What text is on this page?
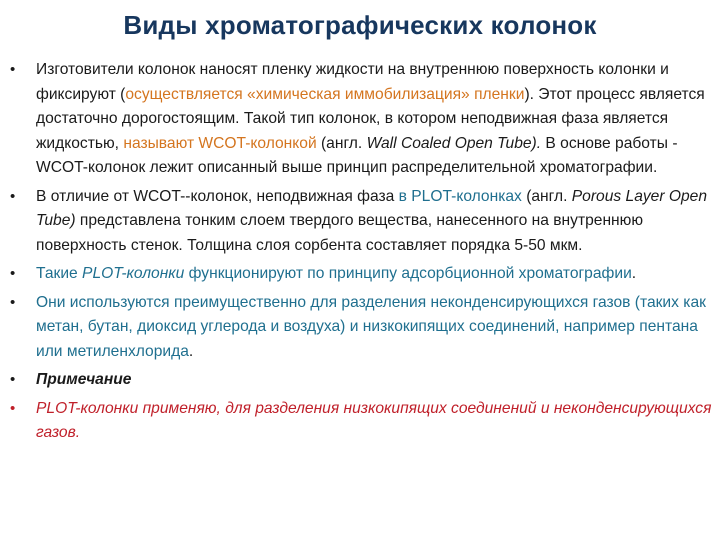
Виды хроматографических колонок
• Изготовители колонок наносят пленку жидкости на внутреннюю поверхность колонки и фиксируют (осуществляется «химическая иммобилизация» пленки). Этот процесс является достаточно дорогостоящим. Такой тип колонок, в котором неподвижная фаза является жидкостью, называют WCOT-колонкой (англ. Wall Coaled Open Tube). В основе работы - WCOT-колонок лежит описанный выше принцип распределительной хроматографии.
• В отличие от WCOT--колонок, неподвижная фаза в PLOT-колонках (англ. Porous Layer Open Tube) представлена тонким слоем твердого вещества, нанесенного на внутреннюю поверхность стенок. Толщина слоя сорбента составляет порядка 5-50 мкм.
• Такие PLOT-колонки функционируют по принципу адсорбционной хроматографии.
• Они используются преимущественно для разделения неконденсирующихся газов (таких как метан, бутан, диоксид углерода и воздуха) и низкокипящих соединений, например пентана или метиленхлорида.
• Примечание
• PLOT-колонки применяю, для разделения низкокипящих соединений и неконденсирующихся газов.
